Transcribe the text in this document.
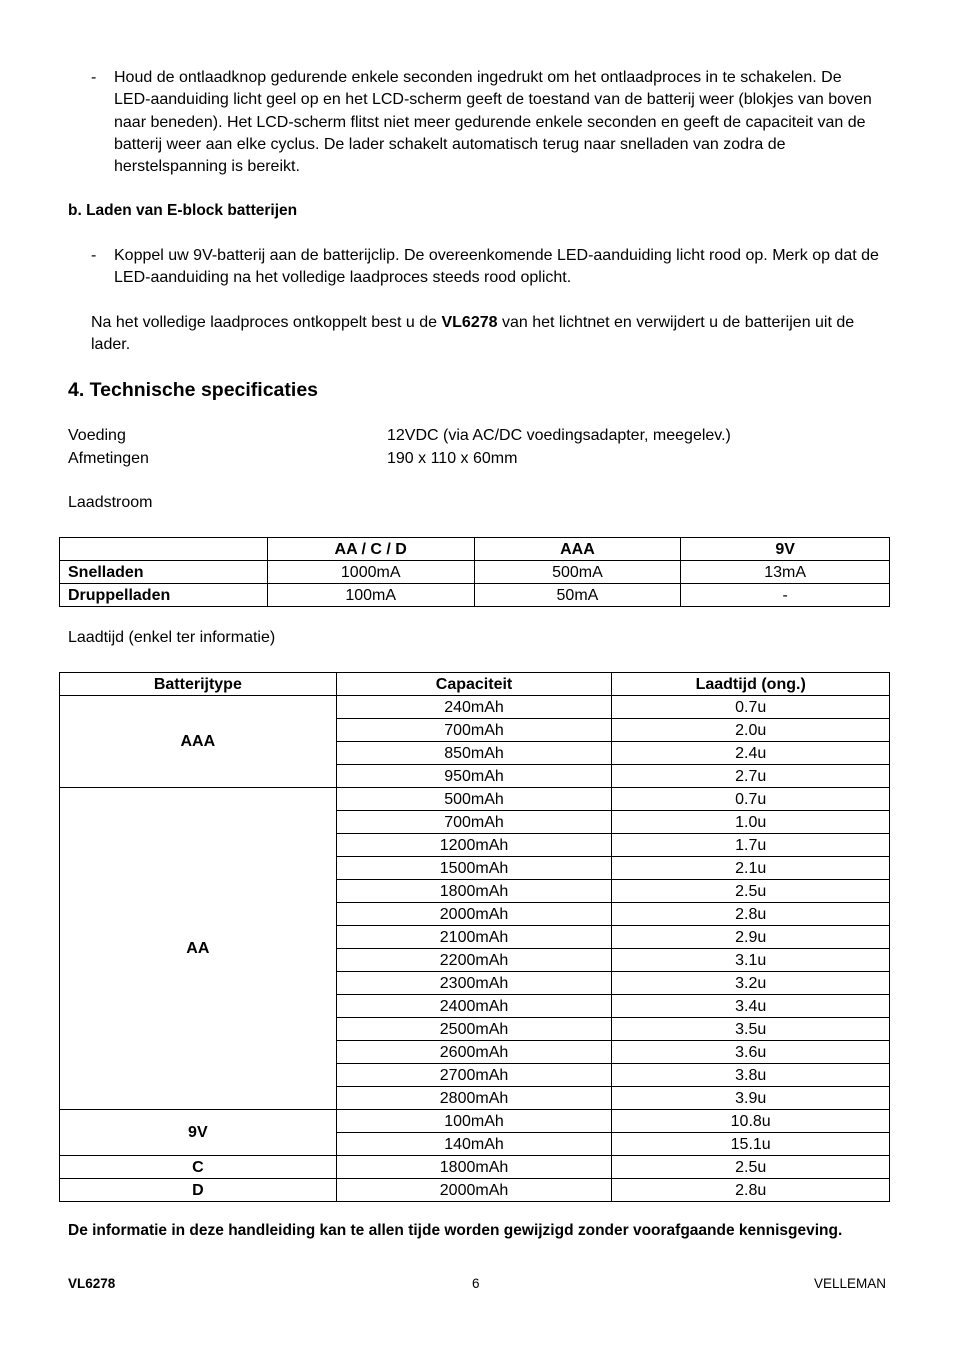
-	Houd de ontlaadknop gedurende enkele seconden ingedrukt om het ontlaadproces in te schakelen. De LED-aanduiding licht geel op en het LCD-scherm geeft de toestand van de batterij weer (blokjes van boven naar beneden). Het LCD-scherm flitst niet meer gedurende enkele seconden en geeft de capaciteit van de batterij weer aan elke cyclus. De lader schakelt automatisch terug naar snelladen van zodra de herstelspanning is bereikt.
b. Laden van E-block batterijen
-	Koppel uw 9V-batterij aan de batterijclip. De overeenkomende LED-aanduiding licht rood op. Merk op dat de LED-aanduiding na het volledige laadproces steeds rood oplicht.
Na het volledige laadproces ontkoppelt best u de VL6278 van het lichtnet en verwijdert u de batterijen uit de lader.
4. Technische specificaties
Voeding	12VDC (via AC/DC voedingsadapter, meegelev.)
Afmetingen	190 x 110 x 60mm
Laadstroom
	AA / C / D	AAA	9V
Snelladen	1000mA	500mA	13mA
Druppelladen	100mA	50mA	-
Laadtijd (enkel ter informatie)
Batterijtype	Capaciteit	Laadtijd (ong.)
AAA	240mAh	0.7u
	700mAh	2.0u
	850mAh	2.4u
	950mAh	2.7u
AA	500mAh	0.7u
	700mAh	1.0u
	1200mAh	1.7u
	1500mAh	2.1u
	1800mAh	2.5u
	2000mAh	2.8u
	2100mAh	2.9u
	2200mAh	3.1u
	2300mAh	3.2u
	2400mAh	3.4u
	2500mAh	3.5u
	2600mAh	3.6u
	2700mAh	3.8u
	2800mAh	3.9u
9V	100mAh	10.8u
	140mAh	15.1u
C	1800mAh	2.5u
D	2000mAh	2.8u
De informatie in deze handleiding kan te allen tijde worden gewijzigd zonder voorafgaande kennisgeving.
VL6278	6	VELLEMAN
